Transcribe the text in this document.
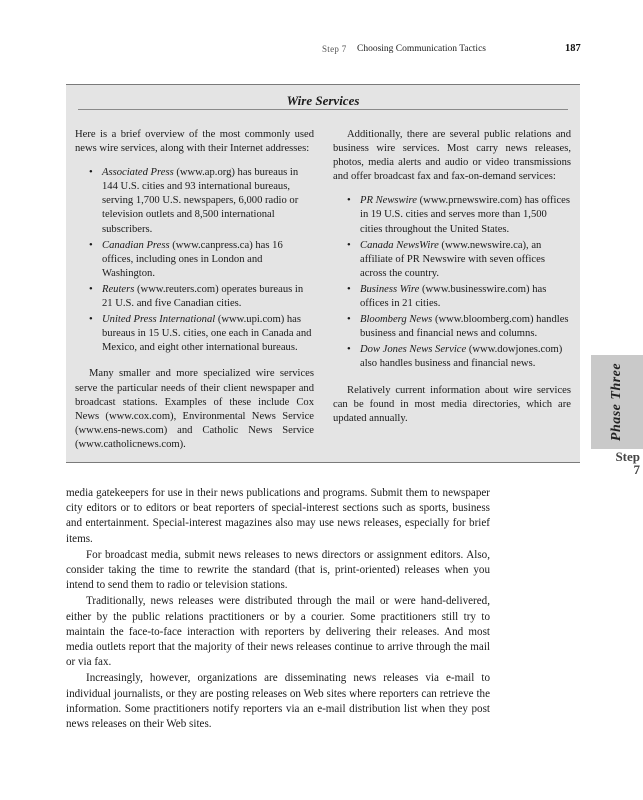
Step 7 Choosing Communication Tactics	187
Wire Services

Here is a brief overview of the most commonly used news wire services, along with their Internet addresses:

• Associated Press (www.ap.org) has bureaus in 144 U.S. cities and 93 international bureaus, serving 1,700 U.S. newspapers, 6,000 radio or television outlets and 8,500 international subscribers.
• Canadian Press (www.canpress.ca) has 16 offices, including ones in London and Washington.
• Reuters (www.reuters.com) operates bureaus in 21 U.S. and five Canadian cities.
• United Press International (www.upi.com) has bureaus in 15 U.S. cities, one each in Canada and Mexico, and eight other international bureaus.

Many smaller and more specialized wire services serve the particular needs of their client newspaper and broadcast stations. Examples of these include Cox News (www.cox.com), Environmental News Service (www.ens-news.com) and Catholic News Service (www.catholicnews.com).

Additionally, there are several public relations and business wire services. Most carry news releases, photos, media alerts and audio or video transmissions and offer broadcast fax and fax-on-demand services:

• PR Newswire (www.prnewswire.com) has offices in 19 U.S. cities and serves more than 1,500 cities throughout the United States.
• Canada NewsWire (www.newswire.ca), an affiliate of PR Newswire with seven offices across the country.
• Business Wire (www.businesswire.com) has offices in 21 cities.
• Bloomberg News (www.bloomberg.com) handles business and financial news and columns.
• Dow Jones News Service (www.dowjones.com) also handles business and financial news.

Relatively current information about wire services can be found in most media directories, which are updated annually.	Phase Three
Step
7

media gatekeepers for use in their news publications and programs. Submit them to newspaper city editors or to editors or beat reporters of special-interest sections such as sports, business and entertainment. Special-interest magazines also may use news releases, especially for brief items.

For broadcast media, submit news releases to news directors or assignment editors. Also, consider taking the time to rewrite the standard (that is, print-oriented) releases when you intend to send them to radio or television stations.

Traditionally, news releases were distributed through the mail or were hand-delivered, either by the public relations practitioners or by a courier. Some practitioners still try to maintain the face-to-face interaction with reporters by delivering their releases. And most media outlets report that the majority of their news releases continue to arrive through the mail or via fax.

Increasingly, however, organizations are disseminating news releases via e-mail to individual journalists, or they are posting releases on Web sites where reporters can retrieve the information. Some practitioners notify reporters via an e-mail distribution list when they post news releases on their Web sites.
